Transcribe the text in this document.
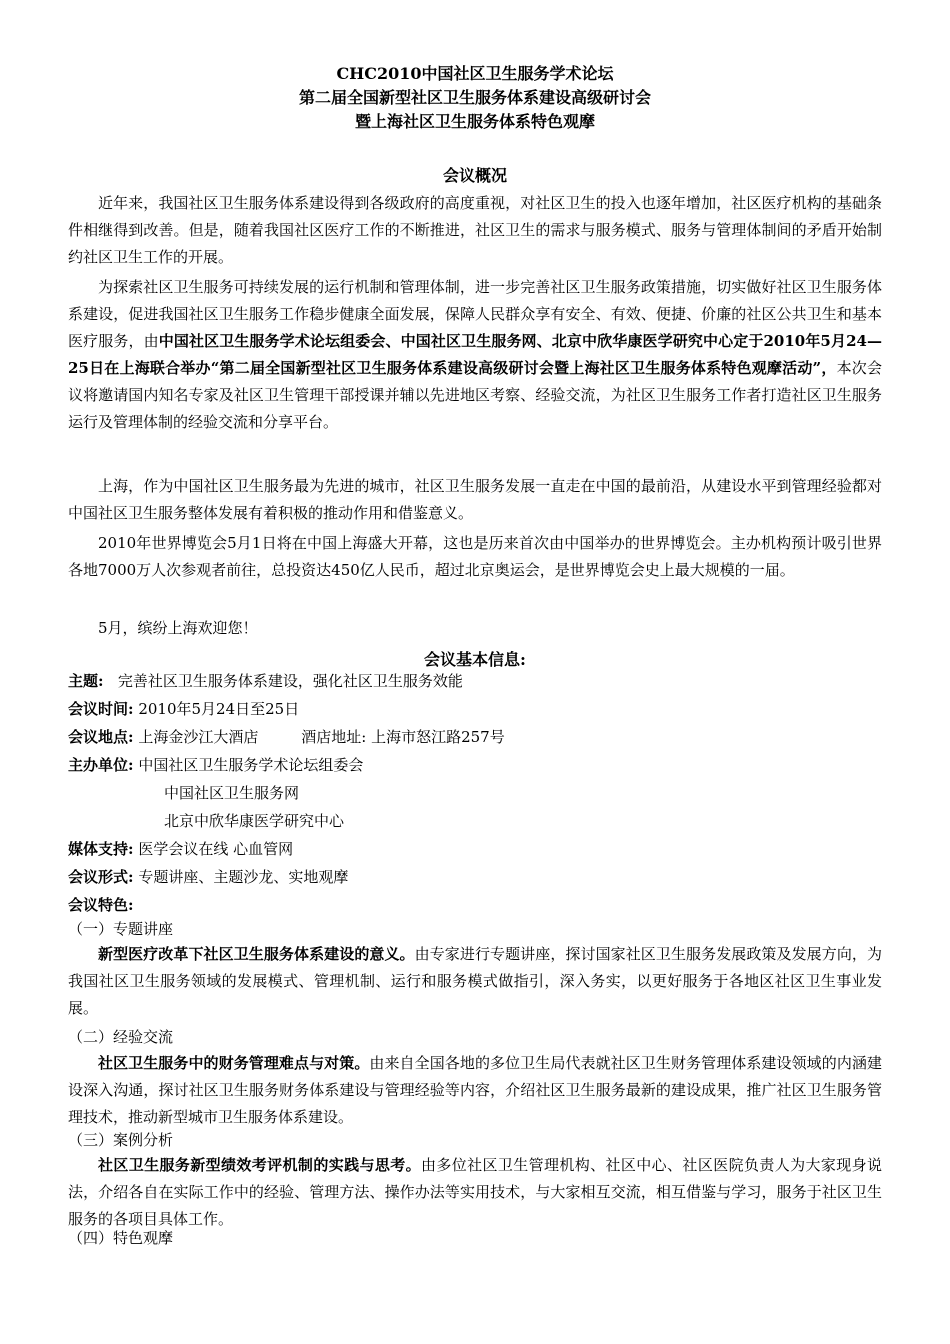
CHC2010中国社区卫生服务学术论坛
第二届全国新型社区卫生服务体系建设高级研讨会
暨上海社区卫生服务体系特色观摩
会议概况

近年来，我国社区卫生服务体系建设得到各级政府的高度重视，对社区卫生的投入也逐年增加，社区医疗机构的基础条件相继得到改善。但是，随着我国社区医疗工作的不断推进，社区卫生的需求与服务模式、服务与管理体制间的矛盾开始制约社区卫生工作的开展。

为探索社区卫生服务可持续发展的运行机制和管理体制，进一步完善社区卫生服务政策措施，切实做好社区卫生服务体系建设，促进我国社区卫生服务工作稳步健康全面发展，保障人民群众享有安全、有效、便捷、价廉的社区公共卫生和基本医疗服务，由中国社区卫生服务学术论坛组委会、中国社区卫生服务网、北京中欣华康医学研究中心定于2010年5月24—25日在上海联合举办“第二届全国新型社区卫生服务体系建设高级研讨会暨上海社区卫生服务体系特色观摩活动”，本次会议将邀请国内知名专家及社区卫生管理干部授课并辅以先进地区考察、经验交流，为社区卫生服务工作者打造社区卫生服务运行及管理体制的经验交流和分享平台。

上海，作为中国社区卫生服务最为先进的城市，社区卫生服务发展一直走在中国的最前沿，从建设水平到管理经验都对中国社区卫生服务整体发展有着积极的推动作用和借鉴意义。

2010年世界博览会5月1日将在中国上海盛大开幕，这也是历来首次由中国举办的世界博览会。主办机构预计吸引世界各地7000万人次参观者前往，总投资达450亿人民币，超过北京奥运会，是世界博览会史上最大规模的一届。

5月，缤纷上海欢迎您！

会议基本信息:

主题: 完善社区卫生服务体系建设，强化社区卫生服务效能

会议时间: 2010年5月24日至25日

会议地点: 上海金沙江大酒店	酒店地址: 上海市怒江路257号

主办单位: 中国社区卫生服务学术论坛组委会

中国社区卫生服务网

北京中欣华康医学研究中心

媒体支持: 医学会议在线 心血管网

会议形式: 专题讲座、主题沙龙、实地观摩

会议特色:

（一）专题讲座

新型医疗改革下社区卫生服务体系建设的意义。由专家进行专题讲座，探讨国家社区卫生服务发展政策及发展方向，为我国社区卫生服务领域的发展模式、管理机制、运行和服务模式做指引，深入务实，以更好服务于各地区社区卫生事业发展。

（二）经验交流

社区卫生服务中的财务管理难点与对策。由来自全国各地的多位卫生局代表就社区卫生财务管理体系建设领域的内涵建设深入沟通，探讨社区卫生服务财务体系建设与管理经验等内容，介绍社区卫生服务最新的建设成果，推广社区卫生服务管理技术，推动新型城市卫生服务体系建设。

（三）案例分析

社区卫生服务新型绩效考评机制的实践与思考。由多位社区卫生管理机构、社区中心、社区医院负责人为大家现身说法，介绍各自在实际工作中的经验、管理方法、操作办法等实用技术，与大家相互交流，相互借鉴与学习，服务于社区卫生服务的各项目具体工作。

（四）特色观摩
